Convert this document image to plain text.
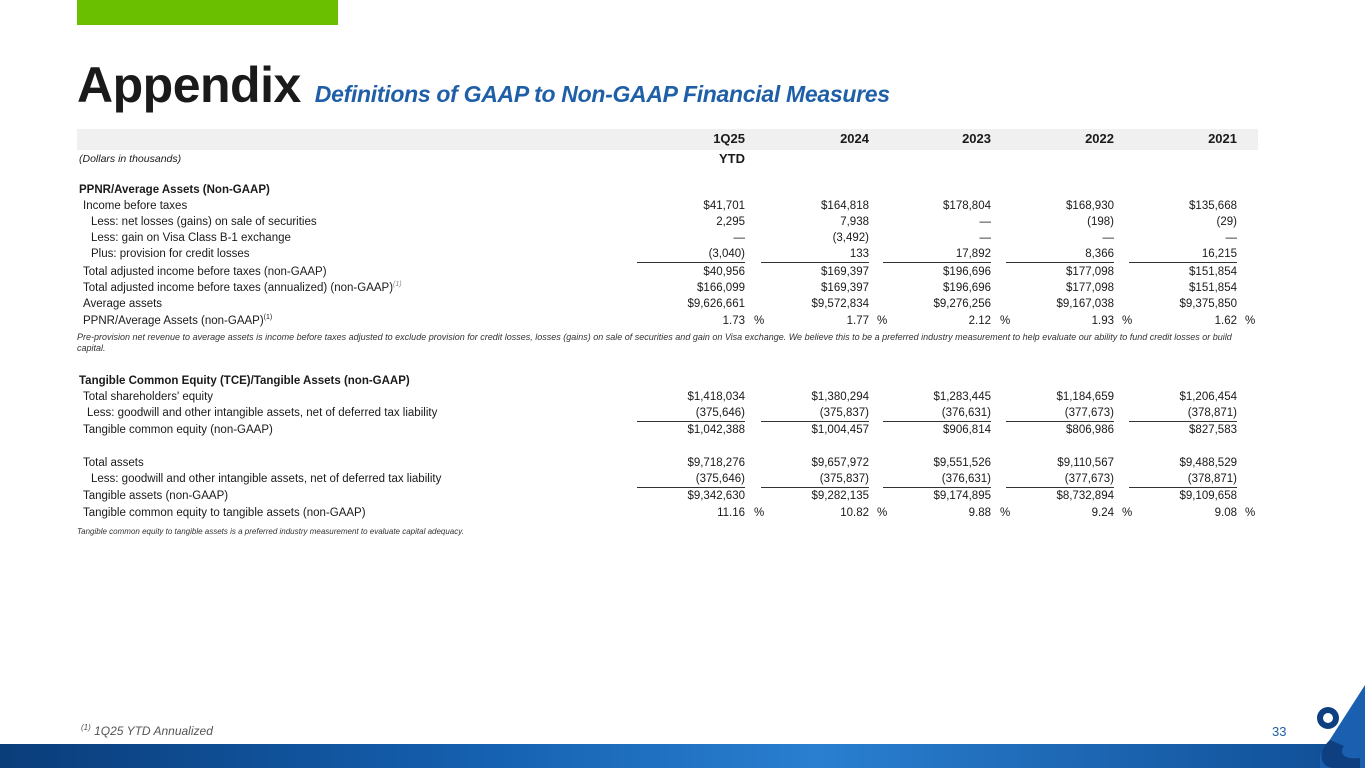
Appendix Definitions of GAAP to Non-GAAP Financial Measures
1Q25	2024	2023	2022	2021
(Dollars in thousands)	YTD
PPNR/Average Assets (Non-GAAP)
Income before taxes	$41,701	$164,818	$178,804	$168,930	$135,668
Less: net losses (gains) on sale of securities	2,295	7,938	—	(198)	(29)
Less: gain on Visa Class B-1 exchange	—	(3,492)	—	—	—
Plus: provision for credit losses	(3,040)	133	17,892	8,366	16,215
Total adjusted income before taxes (non-GAAP)	$40,956	$169,397	$196,696	$177,098	$151,854
Total adjusted income before taxes (annualized) (non-GAAP)$^{(1)}$	$166,099	$169,397	$196,696	$177,098	$151,854
Average assets	$9,626,661	$9,572,834	$9,276,256	$9,167,038	$9,375,850
PPNR/Average Assets (non-GAAP)$^{(1)}$	1.73 %	1.77 %	2.12 %	1.93 %	1.62 %
Pre-provision net revenue to average assets is income before taxes adjusted to exclude provision for credit losses, losses (gains) on sale of securities and gain on Visa exchange. We believe this to be a preferred industry measurement to help evaluate our ability to fund credit losses or build capital.
Tangible Common Equity (TCE)/Tangible Assets (non-GAAP)
Total shareholders' equity	$1,418,034	$1,380,294	$1,283,445	$1,184,659	$1,206,454
Less: goodwill and other intangible assets, net of deferred tax liability	(375,646)	(375,837)	(376,631)	(377,673)	(378,871)
Tangible common equity (non-GAAP)	$1,042,388	$1,004,457	$906,814	$806,986	$827,583
Total assets	$9,718,276	$9,657,972	$9,551,526	$9,110,567	$9,488,529
Less: goodwill and other intangible assets, net of deferred tax liability	(375,646)	(375,837)	(376,631)	(377,673)	(378,871)
Tangible assets (non-GAAP)	$9,342,630	$9,282,135	$9,174,895	$8,732,894	$9,109,658
Tangible common equity to tangible assets (non-GAAP)	11.16 %	10.82 %	9.88 %	9.24 %	9.08 %
Tangible common equity to tangible assets is a preferred industry measurement to evaluate capital adequacy.
$^{(1)}$ 1Q25 YTD Annualized	33
